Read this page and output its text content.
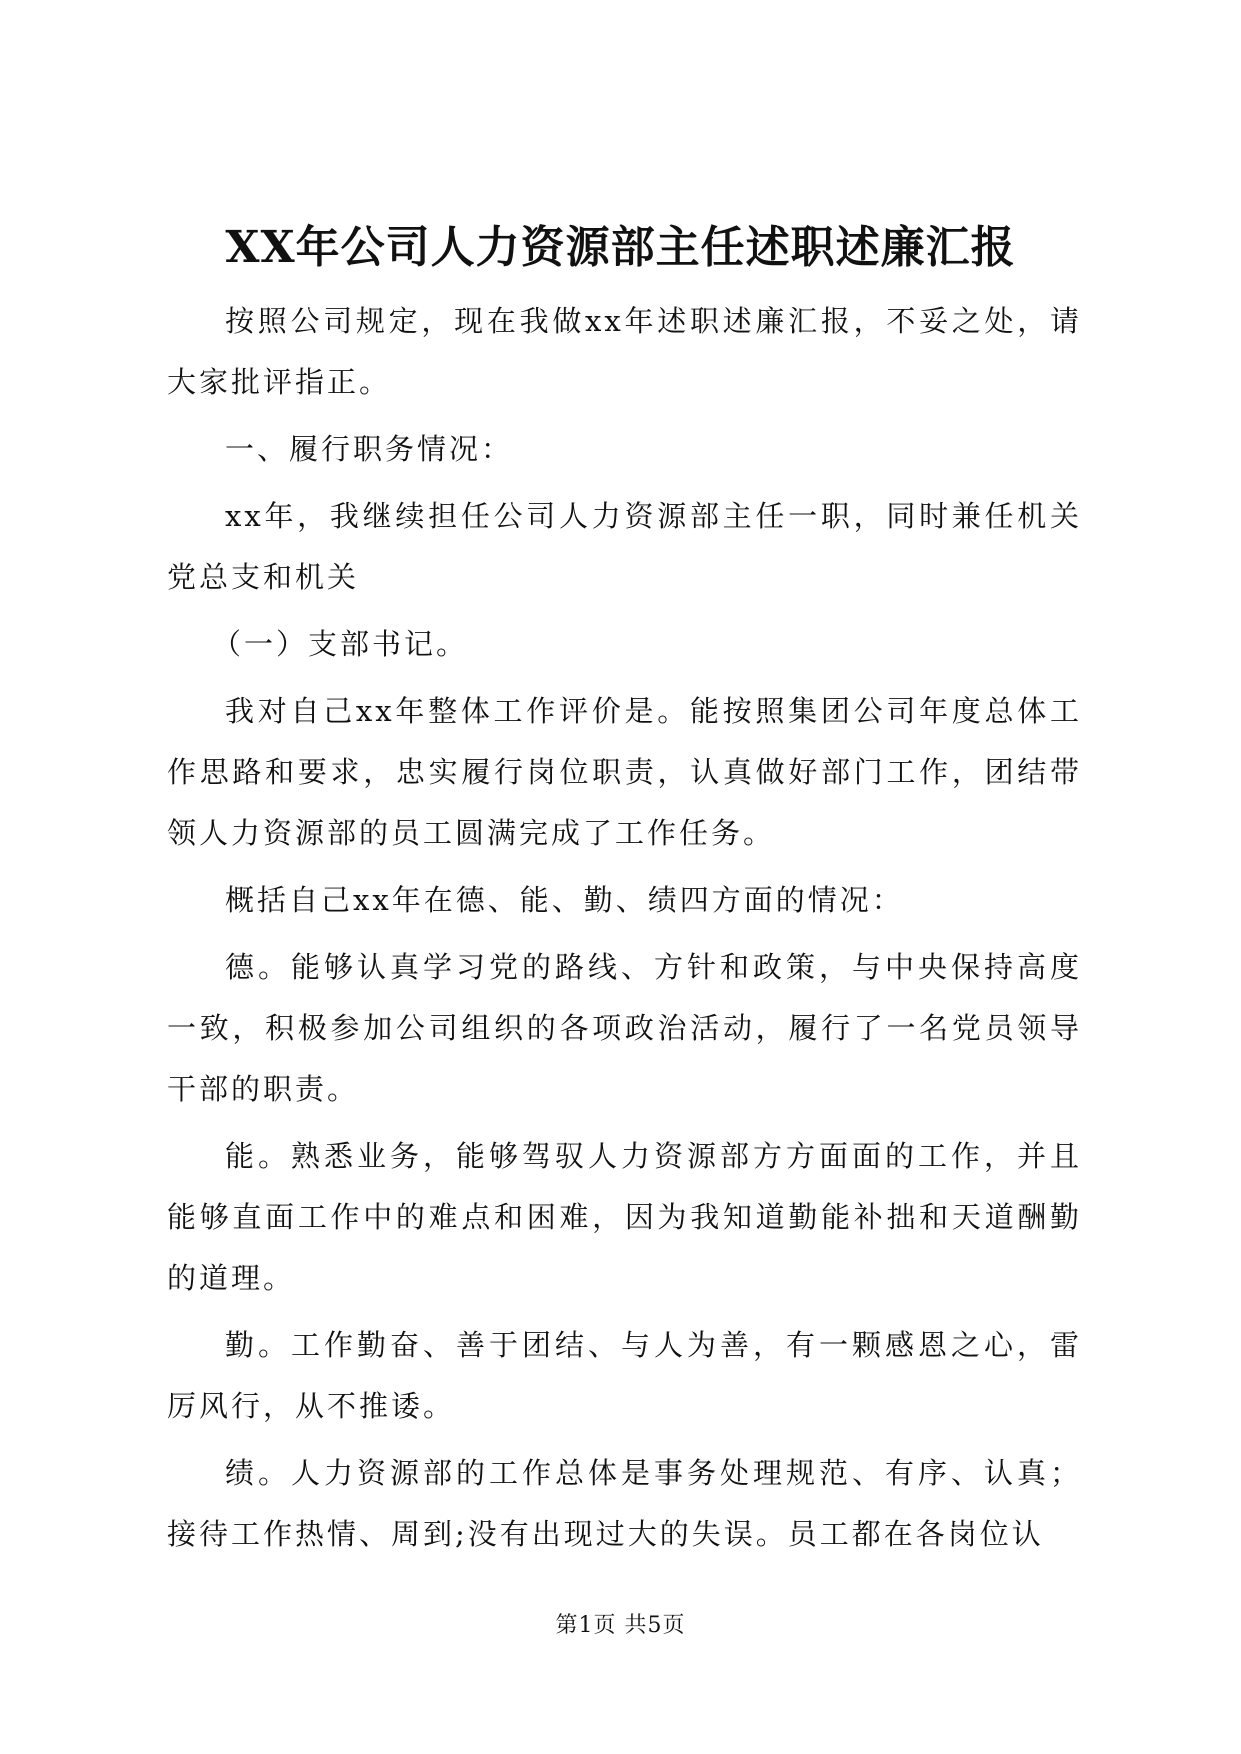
XX年公司人力资源部主任述职述廉汇报

按照公司规定，现在我做xx年述职述廉汇报，不妥之处，请大家批评指正。

一、履行职务情况：

xx年，我继续担任公司人力资源部主任一职，同时兼任机关党总支和机关

（一）支部书记。

我对自己xx年整体工作评价是。能按照集团公司年度总体工作思路和要求，忠实履行岗位职责，认真做好部门工作，团结带领人力资源部的员工圆满完成了工作任务。

概括自己xx年在德、能、勤、绩四方面的情况：

德。能够认真学习党的路线、方针和政策，与中央保持高度一致，积极参加公司组织的各项政治活动，履行了一名党员领导干部的职责。

能。熟悉业务，能够驾驭人力资源部方方面面的工作，并且能够直面工作中的难点和困难，因为我知道勤能补拙和天道酬勤的道理。

勤。工作勤奋、善于团结、与人为善，有一颗感恩之心，雷厉风行，从不推诿。

绩。人力资源部的工作总体是事务处理规范、有序、认真；接待工作热情、周到;没有出现过大的失误。员工都在各岗位认

第1页 共5页
